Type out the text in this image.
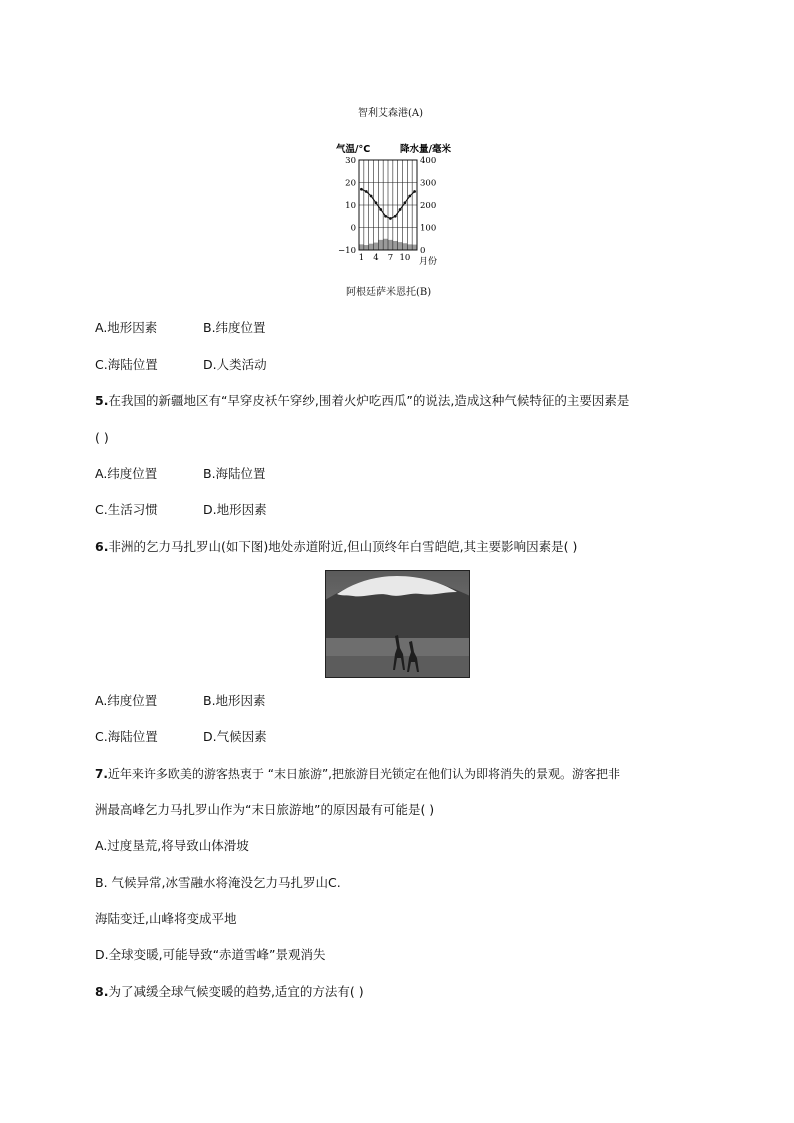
智利艾森港(A)
30
20
10
0
−10
400
300
200
100
0
1 4 7 10
气温/°C	降水量/毫米
月份
阿根廷萨米恩托(B)
A.地形因素	B.纬度位置
C.海陆位置	D.人类活动
5.在我国的新疆地区有“早穿皮袄午穿纱,围着火炉吃西瓜”的说法,造成这种气候特征的主要因素是
( )
A.纬度位置	B.海陆位置
C.生活习惯	D.地形因素
6.非洲的乞力马扎罗山(如下图)地处赤道附近,但山顶终年白雪皑皑,其主要影响因素是( )
A.纬度位置	B.地形因素
C.海陆位置	D.气候因素
7.近年来许多欧美的游客热衷于 “末日旅游”,把旅游目光锁定在他们认为即将消失的景观。游客把非
洲最高峰乞力马扎罗山作为“末日旅游地”的原因最有可能是( )
A.过度垦荒,将导致山体滑坡
B. 气候异常,冰雪融水将淹没乞力马扎罗山C.
海陆变迁,山峰将变成平地
D.全球变暖,可能导致“赤道雪峰”景观消失
8.为了减缓全球气候变暖的趋势,适宜的方法有( )
